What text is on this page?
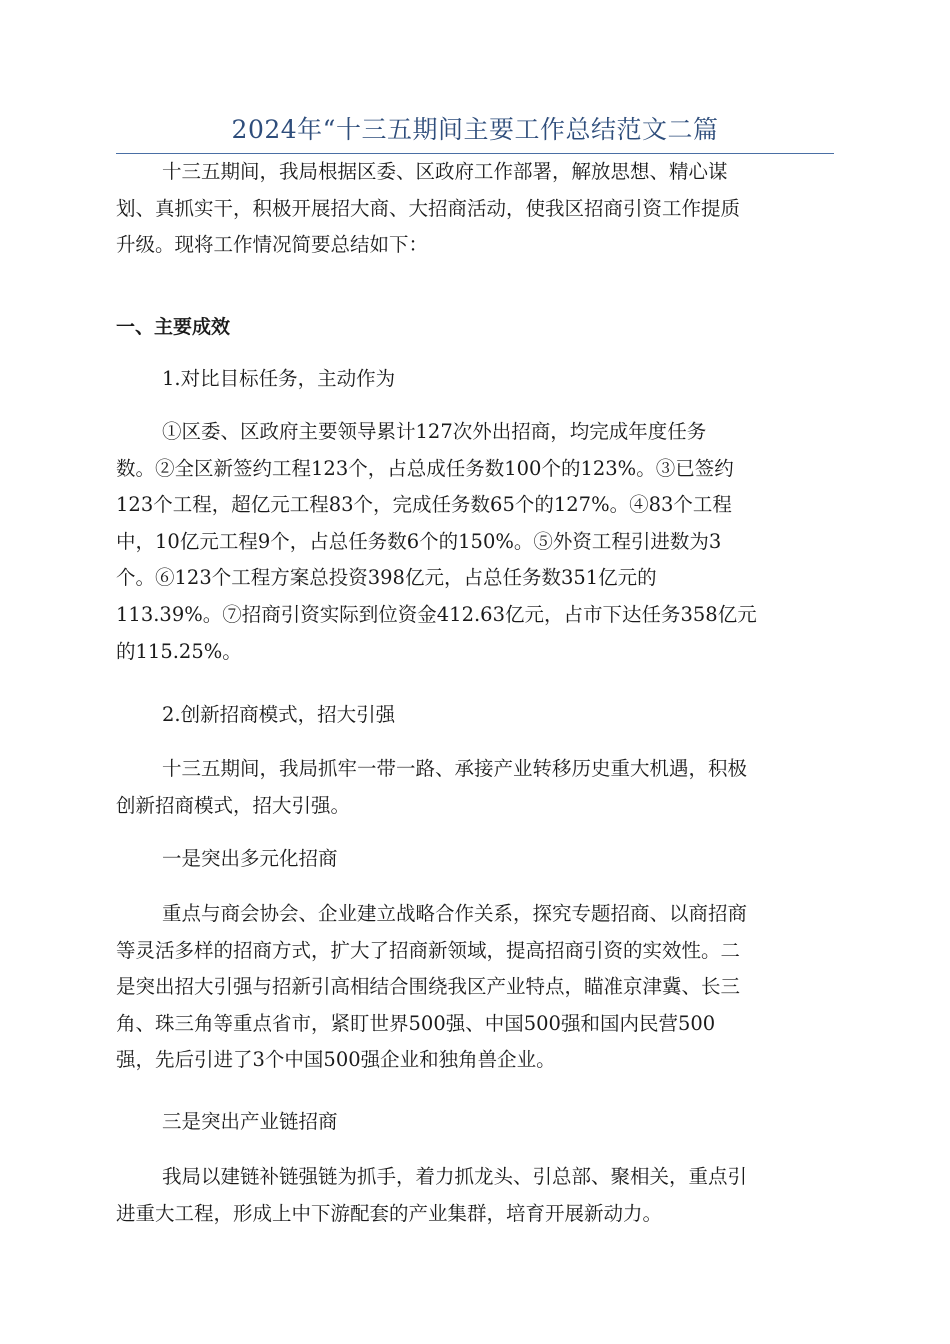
2024年“十三五期间主要工作总结范文二篇
十三五期间，我局根据区委、区政府工作部署，解放思想、精心谋
划、真抓实干，积极开展招大商、大招商活动，使我区招商引资工作提质
升级。现将工作情况简要总结如下：
一、主要成效
1.对比目标任务，主动作为
①区委、区政府主要领导累计127次外出招商，均完成年度任务
数。②全区新签约工程123个，占总成任务数100个的123%。③已签约
123个工程，超亿元工程83个，完成任务数65个的127%。④83个工程
中，10亿元工程9个，占总任务数6个的150%。⑤外资工程引进数为3
个。⑥123个工程方案总投资398亿元，占总任务数351亿元的
113.39%。⑦招商引资实际到位资金412.63亿元，占市下达任务358亿元
的115.25%。
2.创新招商模式，招大引强
十三五期间，我局抓牢一带一路、承接产业转移历史重大机遇，积极
创新招商模式，招大引强。
一是突出多元化招商
重点与商会协会、企业建立战略合作关系，探究专题招商、以商招商
等灵活多样的招商方式，扩大了招商新领域，提高招商引资的实效性。二
是突出招大引强与招新引高相结合围绕我区产业特点，瞄准京津冀、长三
角、珠三角等重点省市，紧盯世界500强、中国500强和国内民营500
强，先后引进了3个中国500强企业和独角兽企业。
三是突出产业链招商
我局以建链补链强链为抓手，着力抓龙头、引总部、聚相关，重点引
进重大工程，形成上中下游配套的产业集群，培育开展新动力。
